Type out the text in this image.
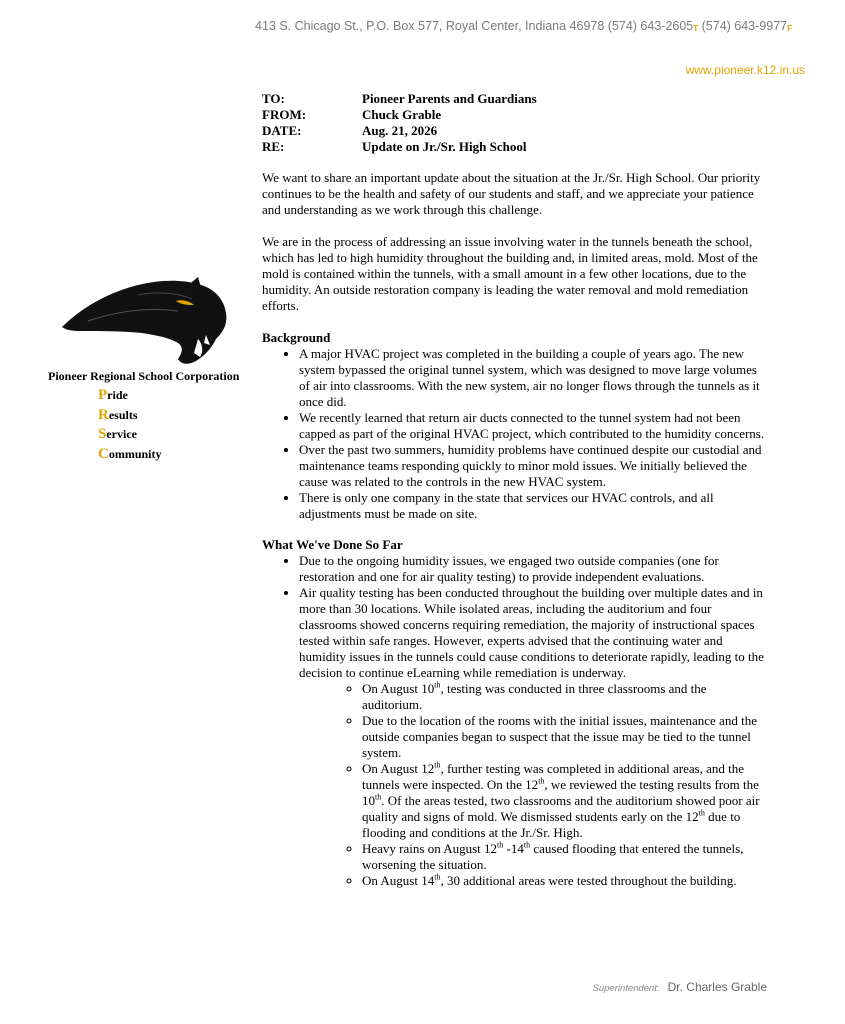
413 S. Chicago St., P.O. Box 577, Royal Center, Indiana 46978 (574) $643-2605^T$ (574) $643-9977^F$
www.pioneer.k12.in.us
TO:	Pioneer Parents and Guardians
FROM:	Chuck Grable
DATE:	Aug. 21, 2026
RE:	Update on Jr./Sr. High School

We want to share an important update about the situation at the Jr./Sr. High School. Our priority continues to be the health and safety of our students and staff, and we appreciate your patience and understanding as we work through this challenge.

We are in the process of addressing an issue involving water in the tunnels beneath the school, which has led to high humidity throughout the building and, in limited areas, mold. Most of the mold is contained within the tunnels, with a small amount in a few other locations, due to the humidity. An outside restoration company is leading the water removal and mold remediation efforts.

Background
• A major HVAC project was completed in the building a couple of years ago. The new system bypassed the original tunnel system, which was designed to move large volumes of air into classrooms. With the new system, air no longer flows through the tunnels as it once did.
• We recently learned that return air ducts connected to the tunnel system had not been capped as part of the original HVAC project, which contributed to the humidity concerns.
• Over the past two summers, humidity problems have continued despite our custodial and maintenance teams responding quickly to minor mold issues. We initially believed the cause was related to the controls in the new HVAC system.
• There is only one company in the state that services our HVAC controls, and all adjustments must be made on site.
What We've Done So Far
• Due to the ongoing humidity issues, we engaged two outside companies (one for restoration and one for air quality testing) to provide independent evaluations.
• Air quality testing has been conducted throughout the building over multiple dates and in more than 30 locations. While isolated areas, including the auditorium and four classrooms showed concerns requiring remediation, the majority of instructional spaces tested within safe ranges. However, experts advised that the continuing water and humidity issues in the tunnels could cause conditions to deteriorate rapidly, leading to the decision to continue eLearning while remediation is underway.
◦ On August 10th, testing was conducted in three classrooms and the auditorium.
◦ Due to the location of the rooms with the initial issues, maintenance and the outside companies began to suspect that the issue may be tied to the tunnel system.
◦ On August 12th, further testing was completed in additional areas, and the tunnels were inspected. On the 12th, we reviewed the testing results from the 10th. Of the areas tested, two classrooms and the auditorium showed poor air quality and signs of mold. We dismissed students early on the 12th due to flooding and conditions at the Jr./Sr. High.
◦ Heavy rains on August 12th -14th caused flooding that entered the tunnels, worsening the situation.
◦ On August 14th, 30 additional areas were tested throughout the building.
Pioneer Regional School Corporation
Pride
Results
Service
Community
Superintendent: Dr. Charles Grable
